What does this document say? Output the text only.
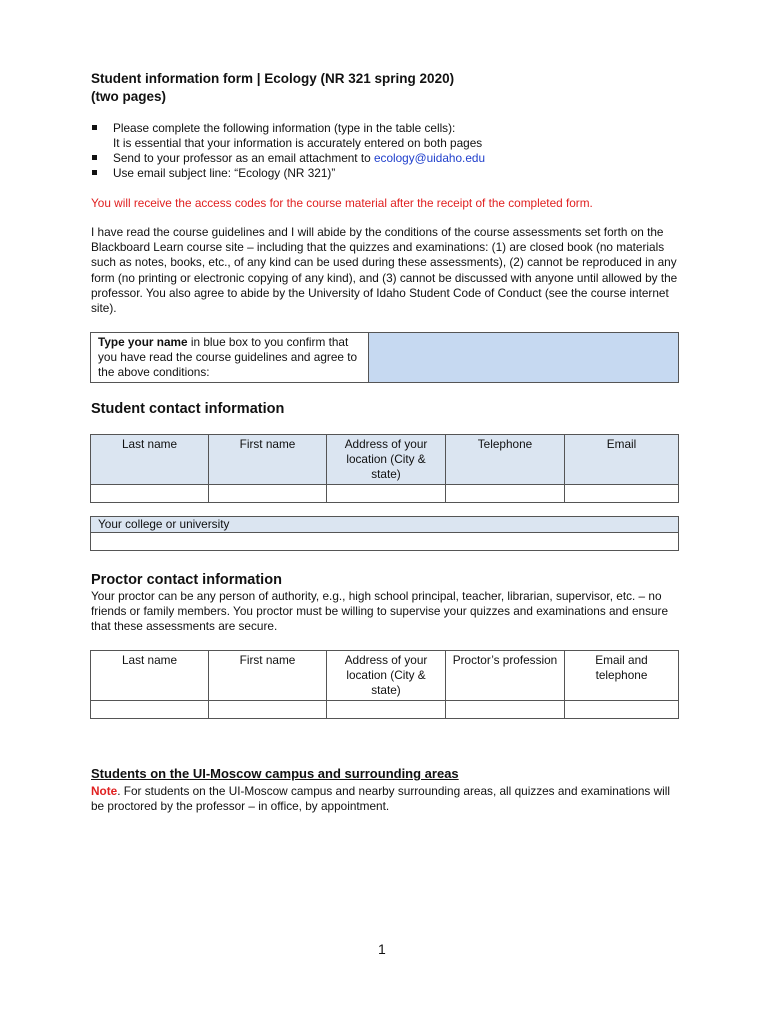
Student information form | Ecology (NR 321 spring 2020)
(two pages)
Please complete the following information (type in the table cells):
It is essential that your information is accurately entered on both pages
Send to your professor as an email attachment to ecology@uidaho.edu
Use email subject line: “Ecology (NR 321)”
You will receive the access codes for the course material after the receipt of the completed form.
I have read the course guidelines and I will abide by the conditions of the course assessments set forth on the Blackboard Learn course site – including that the quizzes and examinations: (1) are closed book (no materials such as notes, books, etc., of any kind can be used during these assessments), (2) cannot be reproduced in any form (no printing or electronic copying of any kind), and (3) cannot be discussed with anyone until allowed by the professor. You also agree to abide by the University of Idaho Student Code of Conduct (see the course internet site).
Type your name in blue box to you confirm that you have read the course guidelines and agree to the above conditions:	
Student contact information
Last name	First name	Address of your location (City & state)	Telephone	Email

Your college or university

Proctor contact information
Your proctor can be any person of authority, e.g., high school principal, teacher, librarian, supervisor, etc. – no friends or family members. You proctor must be willing to supervise your quizzes and examinations and ensure that these assessments are secure.
Last name	First name	Address of your location (City & state)	Proctor’s profession	Email and telephone

Students on the UI-Moscow campus and surrounding areas
Note. For students on the UI-Moscow campus and nearby surrounding areas, all quizzes and examinations will be proctored by the professor – in office, by appointment.
1
